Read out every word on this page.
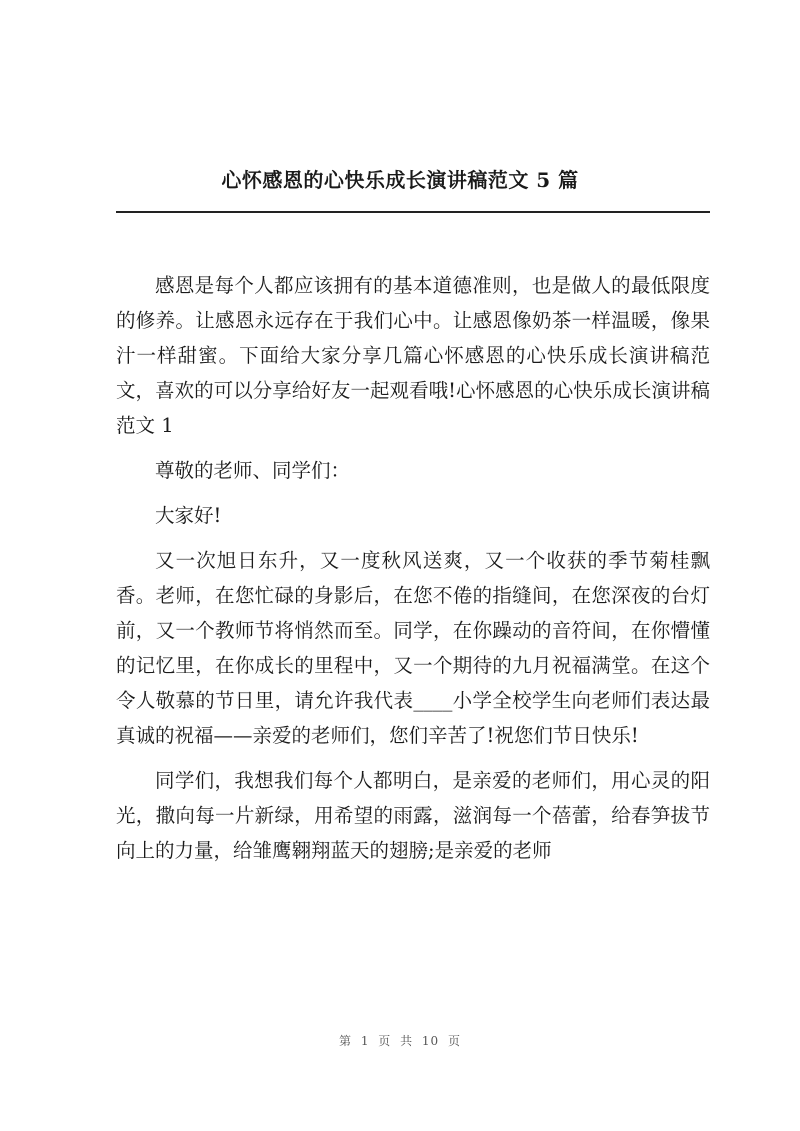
心怀感恩的心快乐成长演讲稿范文 5 篇

感恩是每个人都应该拥有的基本道德准则，也是做人的最低限度的修养。让感恩永远存在于我们心中。让感恩像奶茶一样温暖，像果汁一样甜蜜。下面给大家分享几篇心怀感恩的心快乐成长演讲稿范文，喜欢的可以分享给好友一起观看哦!心怀感恩的心快乐成长演讲稿范文 1

尊敬的老师、同学们：

大家好!

又一次旭日东升，又一度秋风送爽，又一个收获的季节菊桂飘香。老师，在您忙碌的身影后，在您不倦的指缝间，在您深夜的台灯前，又一个教师节将悄然而至。同学，在你躁动的音符间，在你懵懂的记忆里，在你成长的里程中，又一个期待的九月祝福满堂。在这个令人敬慕的节日里，请允许我代表____小学全校学生向老师们表达最真诚的祝福——亲爱的老师们，您们辛苦了!祝您们节日快乐!

同学们，我想我们每个人都明白，是亲爱的老师们，用心灵的阳光，撒向每一片新绿，用希望的雨露，滋润每一个蓓蕾，给春笋拔节向上的力量，给雏鹰翱翔蓝天的翅膀;是亲爱的老师

第 1 页 共 10 页
